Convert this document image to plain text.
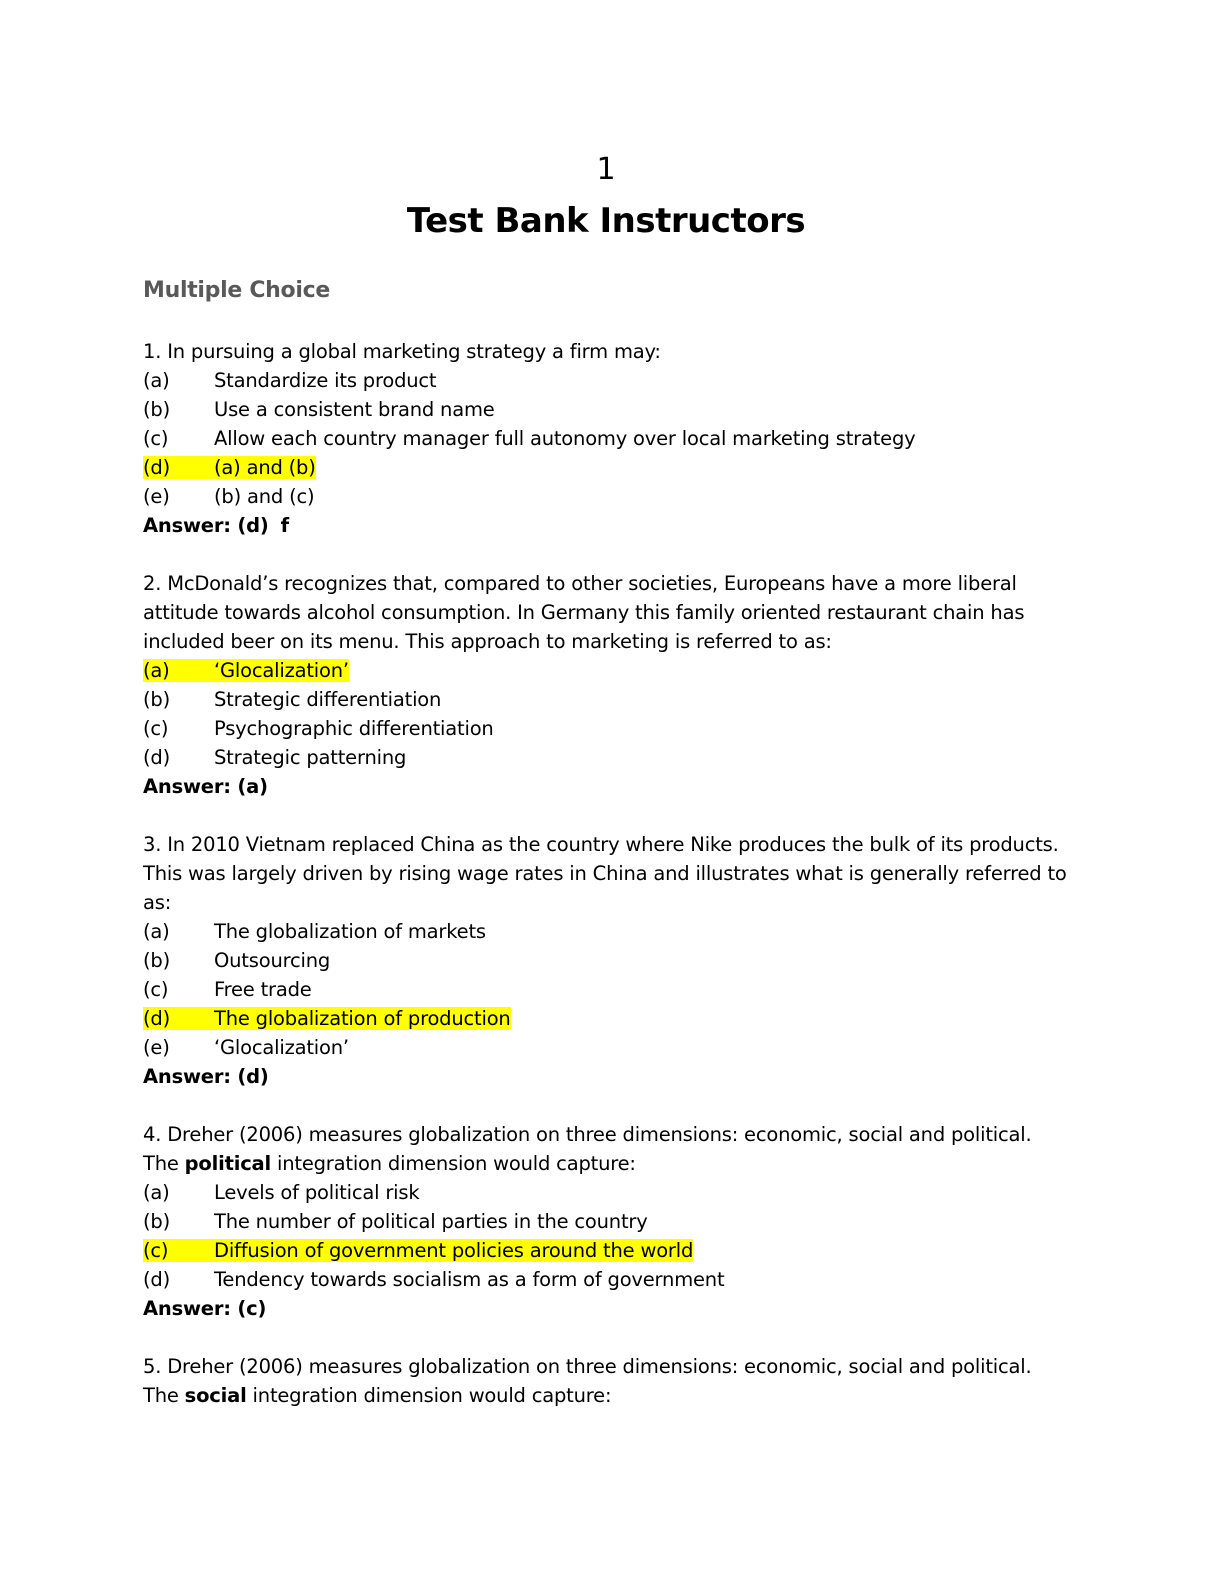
1
Test Bank Instructors
Multiple Choice
1. In pursuing a global marketing strategy a firm may:
(a) Standardize its product
(b) Use a consistent brand name
(c) Allow each country manager full autonomy over local marketing strategy
(d) (a) and (b)
(e) (b) and (c)
Answer: (d) f
2. McDonald’s recognizes that, compared to other societies, Europeans have a more liberal attitude towards alcohol consumption. In Germany this family oriented restaurant chain has included beer on its menu. This approach to marketing is referred to as:
(a) ‘Glocalization’
(b) Strategic differentiation
(c) Psychographic differentiation
(d) Strategic patterning
Answer: (a)
3. In 2010 Vietnam replaced China as the country where Nike produces the bulk of its products. This was largely driven by rising wage rates in China and illustrates what is generally referred to as:
(a) The globalization of markets
(b) Outsourcing
(c) Free trade
(d) The globalization of production
(e) ‘Glocalization’
Answer: (d)
4. Dreher (2006) measures globalization on three dimensions: economic, social and political.
The political integration dimension would capture:
(a) Levels of political risk
(b) The number of political parties in the country
(c) Diffusion of government policies around the world
(d) Tendency towards socialism as a form of government
Answer: (c)
5. Dreher (2006) measures globalization on three dimensions: economic, social and political.
The social integration dimension would capture:
